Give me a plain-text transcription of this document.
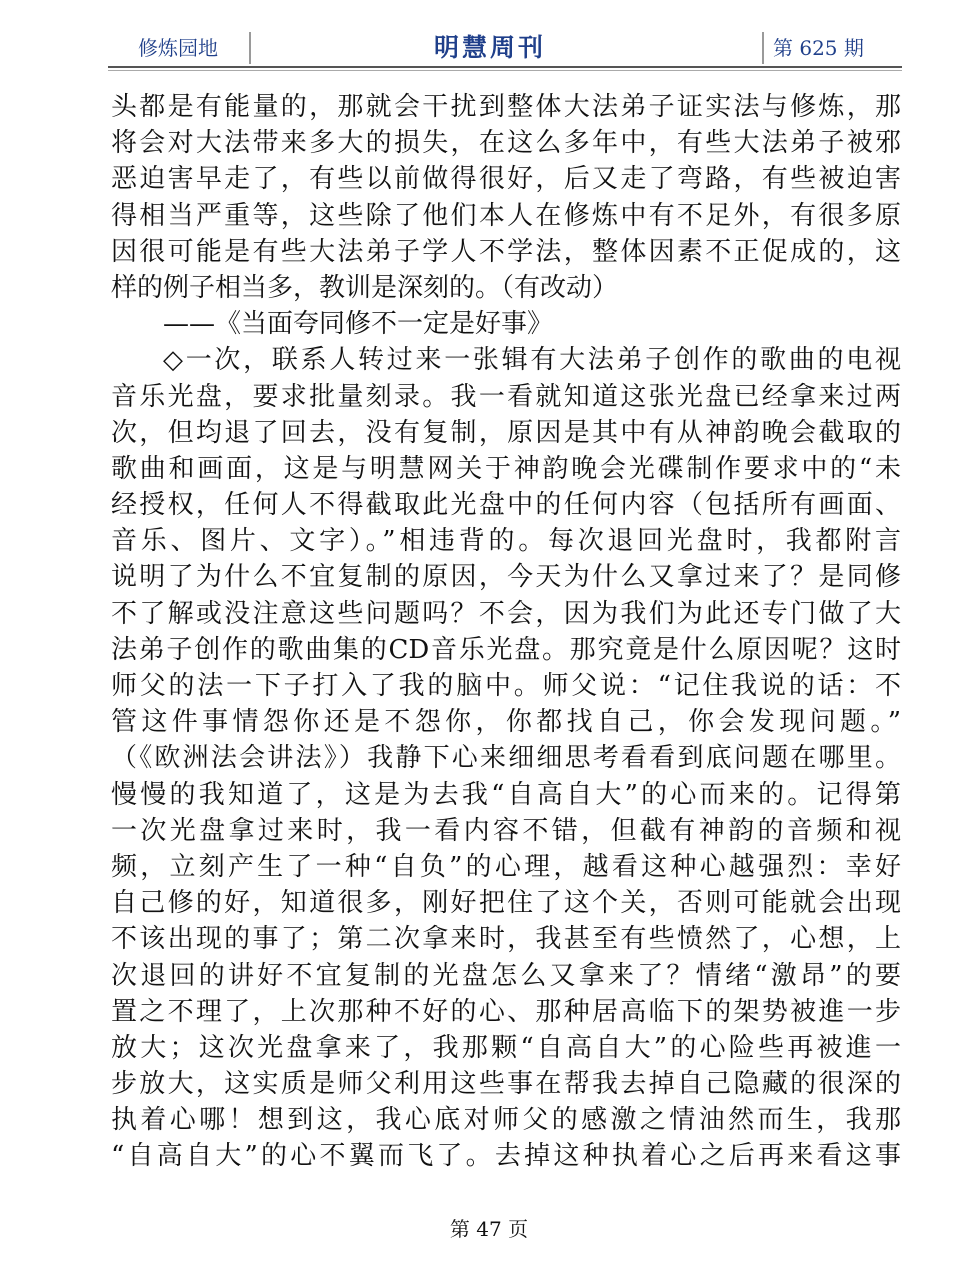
修炼园地	明慧周刊	第 625 期
头都是有能量的，那就会干扰到整体大法弟子证实法与修炼，那
将会对大法带来多大的损失，在这么多年中，有些大法弟子被邪
恶迫害早走了，有些以前做得很好，后又走了弯路，有些被迫害
得相当严重等，这些除了他们本人在修炼中有不足外，有很多原
因很可能是有些大法弟子学人不学法，整体因素不正促成的，这
样的例子相当多，教训是深刻的。（有改动）
——《当面夸同修不一定是好事》
◇一次，联系人转过来一张辑有大法弟子创作的歌曲的电视
音乐光盘，要求批量刻录。我一看就知道这张光盘已经拿来过两
次，但均退了回去，没有复制，原因是其中有从神韵晚会截取的
歌曲和画面，这是与明慧网关于神韵晚会光碟制作要求中的“未
经授权，任何人不得截取此光盘中的任何内容（包括所有画面、
音乐、图片、文字）。”相违背的。每次退回光盘时，我都附言
说明了为什么不宜复制的原因，今天为什么又拿过来了？是同修
不了解或没注意这些问题吗？不会，因为我们为此还专门做了大
法弟子创作的歌曲集的CD音乐光盘。那究竟是什么原因呢？这时
师父的法一下子打入了我的脑中。师父说：“记住我说的话：不
管这件事情怨你还是不怨你，你都找自己，你会发现问题。”
（《欧洲法会讲法》）我静下心来细细思考看看到底问题在哪里。
慢慢的我知道了，这是为去我“自高自大”的心而来的。记得第
一次光盘拿过来时，我一看内容不错，但截有神韵的音频和视
频，立刻产生了一种“自负”的心理，越看这种心越强烈：幸好
自己修的好，知道很多，刚好把住了这个关，否则可能就会出现
不该出现的事了；第二次拿来时，我甚至有些愤然了，心想，上
次退回的讲好不宜复制的光盘怎么又拿来了？情绪“激昂”的要
置之不理了，上次那种不好的心、那种居高临下的架势被進一步
放大；这次光盘拿来了，我那颗“自高自大”的心险些再被進一
步放大，这实质是师父利用这些事在帮我去掉自己隐藏的很深的
执着心哪！想到这，我心底对师父的感激之情油然而生，我那
“自高自大”的心不翼而飞了。去掉这种执着心之后再来看这事
第 47 页
